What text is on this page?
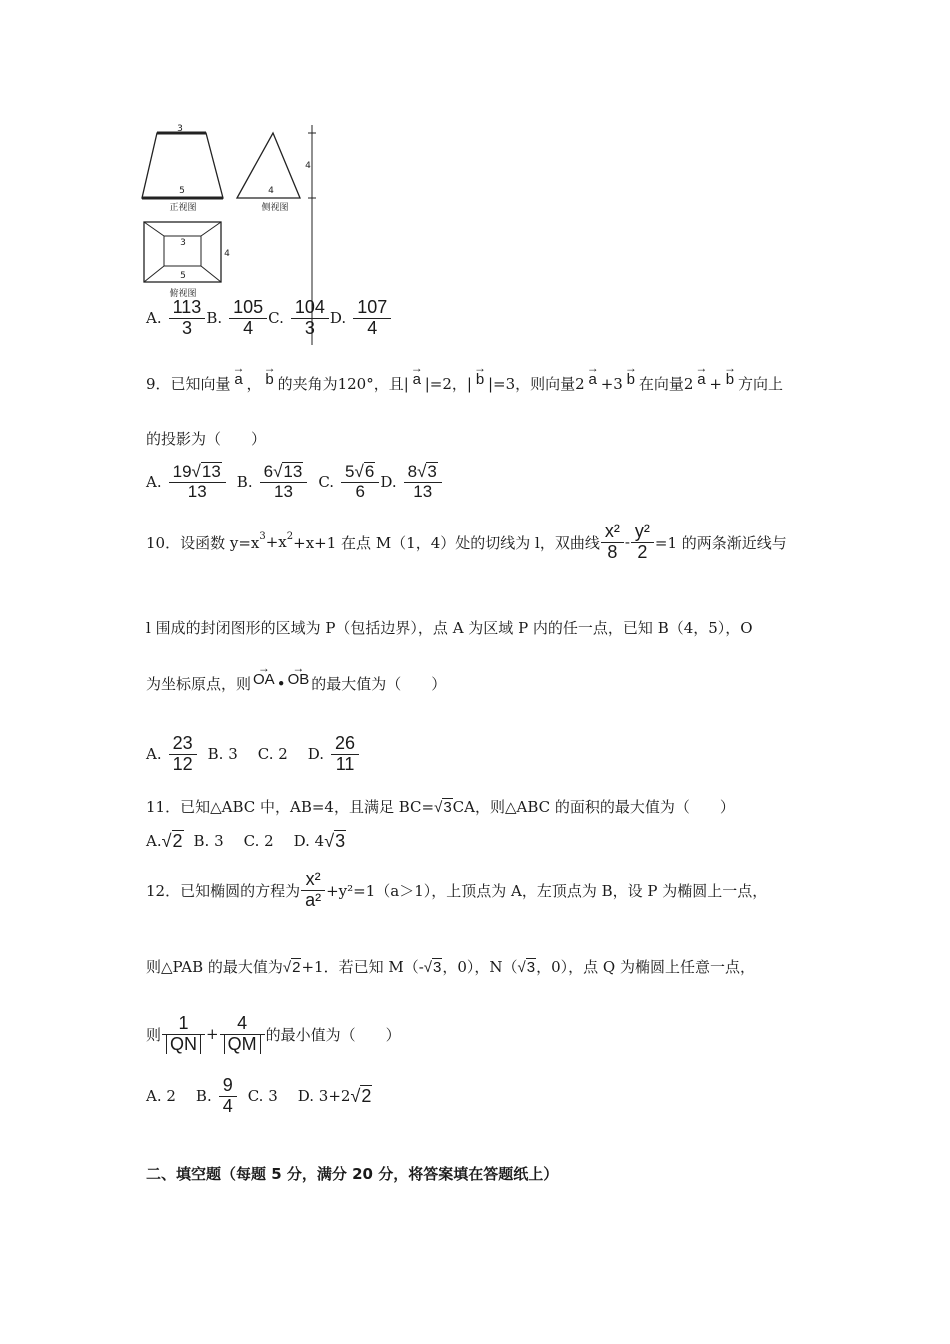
3
5
正视图
4
侧视图
4
3
5
4
俯视图
A. $\frac{113}{3} B$. $\frac{105}{4} C$. $\frac{104}{3} D$. $\frac{107}{4}$
9．已知向量
→
a ，
→
b 的夹角为120°，且|
→
a |=2，|
→
b |=3，则向量2
→
a +3
→
b 在向量2
→
a +
→
b 方向上
的投影为（　　）
A. $\frac{19√ 13}{13} B$. $\frac{6√ 13}{13} C$. $\frac{5√ 6}{6} D$. $\frac{8√ 3}{13}$
10．设函数 y=x 3 +x 2 +x+1 在点 M（1，4）处的切线为 l，双曲线 $\frac{\text{x²}}{8} - \frac{\text{y²}}{2} =1$ 的两条渐近线与
l 围成的封闭图形的区域为 P（包括边界），点 A 为区域 P 内的任一点，已知 B（4，5），O
为坐标原点，则
→
OA •
→
OB 的最大值为（　　）
A. $\frac{23}{12} B$. 3 C. 2 D. $\frac{26}{11}$
11．已知△ABC 中，AB=4，且满足 BC= √ 3 CA，则△ABC 的面积的最大值为（　　）
A. √ 2 B. 3 C. 2 D. 4 √ 3
12．已知椭圆的方程为 $\frac{\text{x²}}{\text{a²}} +y^2=1(a>1)$，上顶点为 A，左顶点为 B，设 P 为椭圆上一点，
则△PAB 的最大值为 √ 2 +1．若已知 M（- √ 3 ，0），N（ √ 3 ，0），点 Q 为椭圆上任意一点，
则 $\frac{1}{QN} + \frac{4}{QM}$ 的最小值为（　　）
A. 2 B. $\frac{9}{4} C$. 3 D. 3+2 √ 2
二、填空题（每题 5 分，满分 20 分，将答案填在答题纸上）
